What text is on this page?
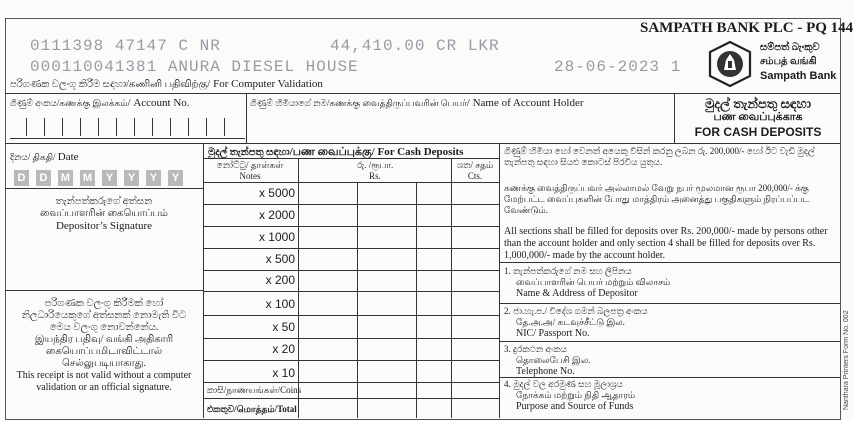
SAMPATH BANK PLC - PQ 144
සම්පත් බැංකුව
சம்பத் வங்கி
Sampath Bank
0111398 47147 C NR	44,410.00 CR LKR
000110041381 ANURA DIESEL HOUSE	28-06-2023 1
පරිගණක වලංගු කිරීම සඳහා/கணினி பதிவிற்கு/ For Computer Validation
ගිණුම් අංකය/கணக்கு இலக்கம்/ Account No.	ගිණුම් හිමියාගේ නම/கணக்கு வைத்திருப்பவரின் பெயர்/ Name of Account Holder	මුදල් තැන්පතු සඳහා
பண வைப்புக்காக
FOR CASH DEPOSITS
දිනය/ திகதி/ Date
D	D	M M	Y	Y	Y	Y
තැන්පත්කරුගේ අත්සන
வைப்பாளரின் கையொப்பம்
Depositor’s Signature
පරිගණක වලංගු කිරීමක් හෝ
නිලධාරියෙකුගේ අත්සනක් නොමැති විට
මෙය වලංගු නොවන්නේය.
இயந்திர பதிவு/ வங்கி அதிகாரி
கையொப்பமிடாவிட்டால்
செல்லுபடியாகாது.
This receipt is not valid without a computer
validation or an official signature.
මුදල් තැන්පතු සඳහා/பண வைப்புக்கு/ For Cash Deposits
නෝට්ටු/ தாள்கள்
Notes
රු. /ரூபா.
Rs.
ශත/ சதம்
Cts.
x 5000
x 2000
x 1000
x 500
x 200
x 100
x 50
x 20
x 10
කාසි/நாணயங்கள்/Coins
එකතුව/மொத்தம்/Total
ගිණුම් හිමියා හෝ වෙනත් අයෙකු විසින් කරනු ලබන රු. 200,000/- හෝ ඊට වැඩි මුදල් තැන්පතු සඳහා සියළු කොටස් පිරවිය යුතුය.
கணக்கு வைத்திருப்பவர் அல்லாமல் வேறு நபர் மூலமான ரூபா 200,000/- க்கு மேற்பட்ட வைப்புகளின் போது மாத்திரம் அனைத்து பகுதிகளும் நிரப்பப்பட வேண்டும்.
All sections shall be filled for deposits over Rs. 200,000/- made by persons other than the account holder and only section 4 shall be filled for deposits over Rs. 1,000,000/- made by the account holder.
1. තැන්පත්කරුගේ නම සහ ලිපිනය
வைப்பாளரின் பெயர் மற்றும் விலாசம்
Name & Address of Depositor
2. ජා.හැ.ප./ විදේශ ගමන් බලපත්‍ර අංකය
தே.அ.அ/ கடவுச்சீட்டு இல.
NIC/ Passport No.
3. දුරකථන අංකය
தொலைபேசி இல.
Telephone No.
4. මුදල් වල අරමුණ සහ මූලාශ්‍රය
நோக்கம் மற்றும் நிதி ஆதாரம்
Purpose and Source of Funds	Nanthara Printers Form No. 002
